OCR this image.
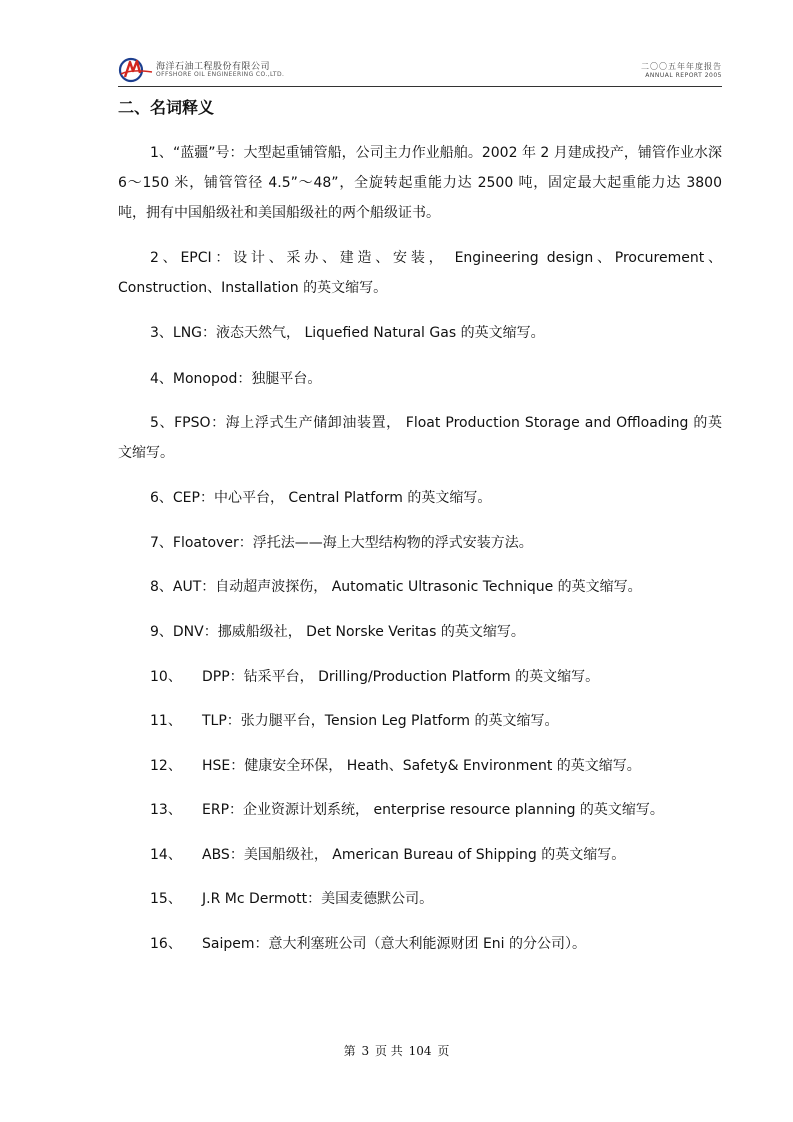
海洋石油工程股份有限公司
OFFSHORE OIL ENGINEERING CO.,LTD.
二〇〇五年年度报告
ANNUAL REPORT 2005
二、名词释义
1、“蓝疆”号：大型起重铺管船，公司主力作业船舶。2002 年 2 月建成投产，铺管作业水深 6～150 米，铺管管径 4.5”～48”，全旋转起重能力达 2500 吨，固定最大起重能力达 3800 吨，拥有中国船级社和美国船级社的两个船级证书。
2、EPCI：设计、采办、建造、安装， Engineering design、Procurement、Construction、Installation 的英文缩写。
3、LNG：液态天然气， Liquefied Natural Gas 的英文缩写。
4、Monopod：独腿平台。
5、FPSO：海上浮式生产储卸油装置， Float Production Storage and Offloading 的英文缩写。
6、CEP：中心平台， Central Platform 的英文缩写。
7、Floatover：浮托法——海上大型结构物的浮式安装方法。
8、AUT：自动超声波探伤， Automatic Ultrasonic Technique 的英文缩写。
9、DNV：挪威船级社， Det Norske Veritas 的英文缩写。
10、 DPP：钻采平台， Drilling/Production Platform 的英文缩写。
11、 TLP：张力腿平台，Tension Leg Platform 的英文缩写。
12、 HSE：健康安全环保， Heath、Safety& Environment 的英文缩写。
13、 ERP：企业资源计划系统， enterprise resource planning 的英文缩写。
14、 ABS：美国船级社， American Bureau of Shipping 的英文缩写。
15、 J.R Mc Dermott：美国麦德默公司。
16、 Saipem：意大利塞班公司（意大利能源财团 Eni 的分公司）。
第 3 页 共 104 页
